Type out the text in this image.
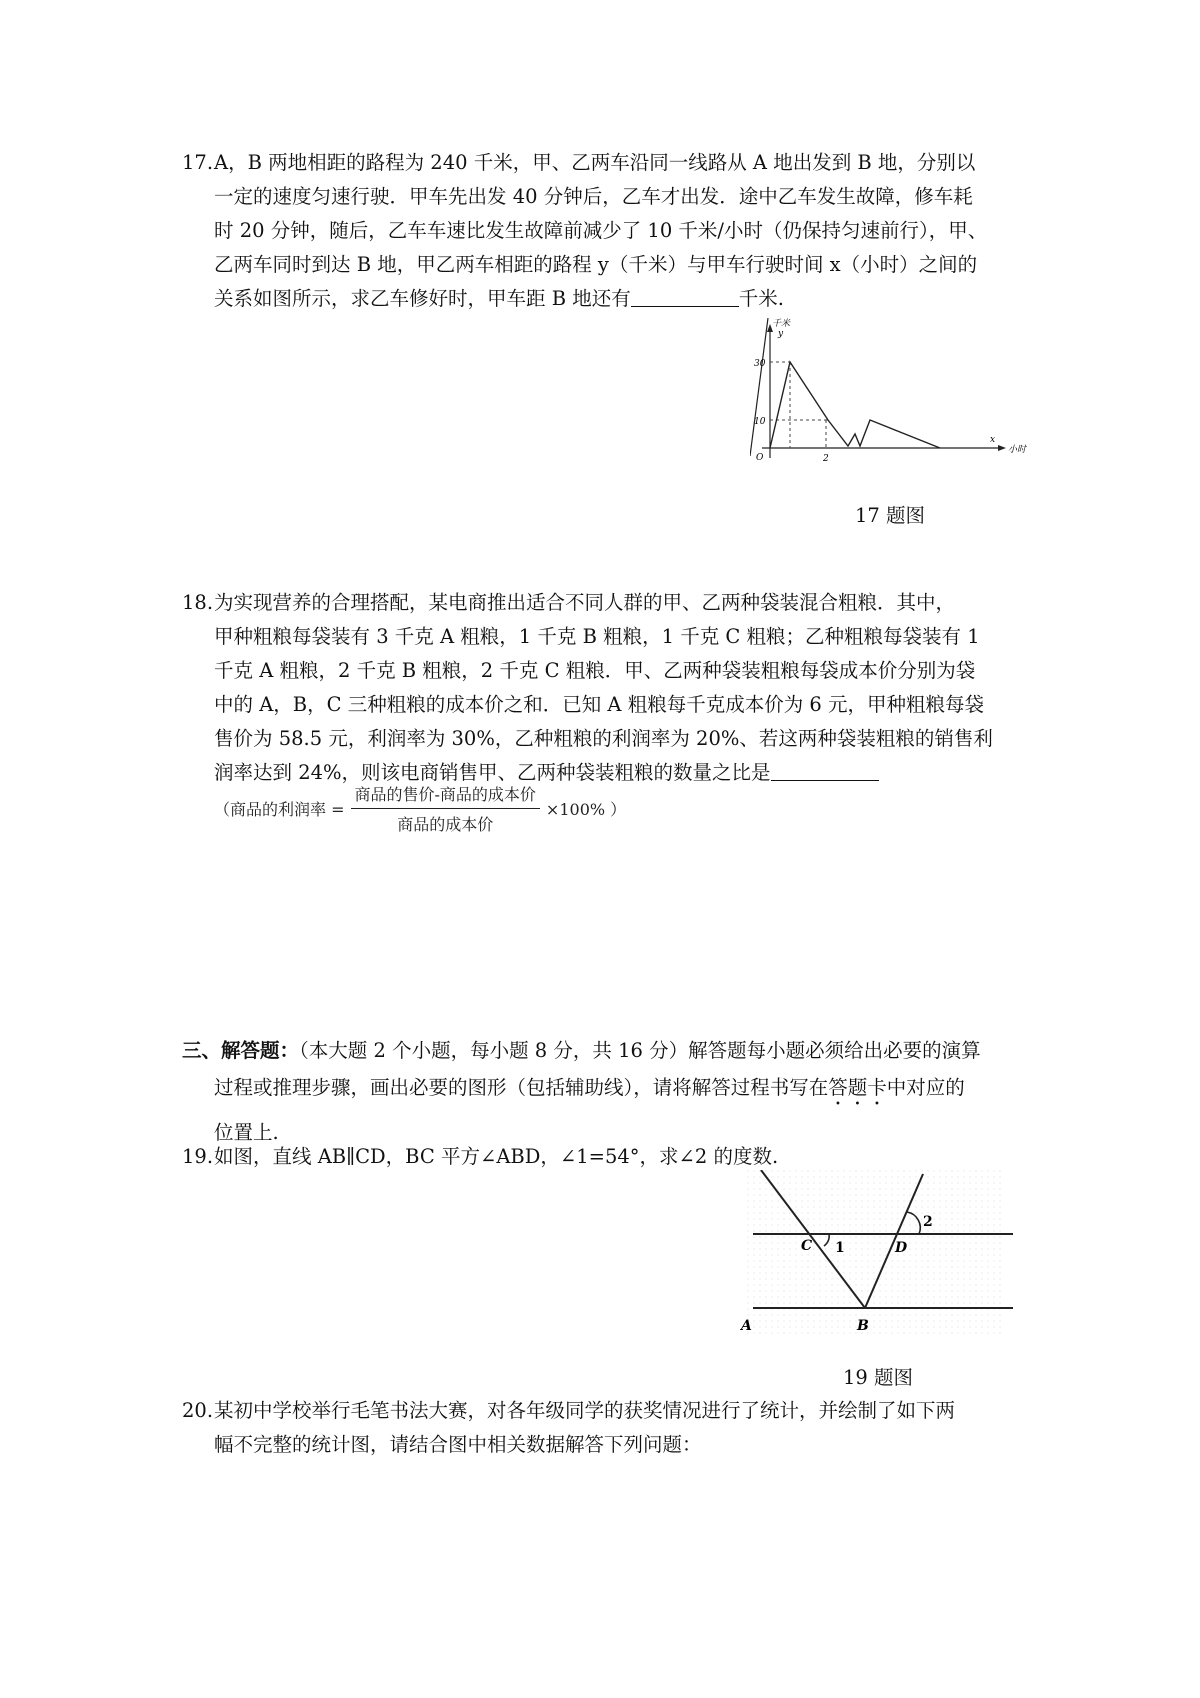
17. A，B 两地相距的路程为 240 千米，甲、乙两车沿同一线路从 A 地出发到 B 地，分别以
一定的速度匀速行驶．甲车先出发 40 分钟后，乙车才出发．途中乙车发生故障，修车耗
时 20 分钟，随后，乙车车速比发生故障前减少了 10 千米/小时（仍保持匀速前行），甲、
乙两车同时到达 B 地，甲乙两车相距的路程 y（千米）与甲车行驶时间 x（小时）之间的
关系如图所示，求乙车修好时，甲车距 B 地还有	千米.
千米
y
30
10
2
O
x
小时
17 题图
18. 为实现营养的合理搭配，某电商推出适合不同人群的甲、乙两种袋装混合粗粮．其中，
甲种粗粮每袋装有 3 千克 A 粗粮，1 千克 B 粗粮，1 千克 C 粗粮；乙种粗粮每袋装有 1
千克 A 粗粮，2 千克 B 粗粮，2 千克 C 粗粮．甲、乙两种袋装粗粮每袋成本价分别为袋
中的 A，B，C 三种粗粮的成本价之和．已知 A 粗粮每千克成本价为 6 元，甲种粗粮每袋
售价为 58.5 元，利润率为 30%，乙种粗粮的利润率为 20%、若这两种袋装粗粮的销售利
润率达到 24%，则该电商销售甲、乙两种袋装粗粮的数量之比是
（商品的利润率 = $\frac{\text{商品的售价-商品的成本价}}{\text{商品的成本价}} \times 100\%$ ）
三、解答题：（本大题 2 个小题，每小题 8 分，共 16 分）解答题每小题必须给出必要的演算
过程或推理步骤，画出必要的图形（包括辅助线），请将解答过程书写在答题卡中对应的
位置上.
19. 如图，直线 AB∥CD，BC 平方∠ABD，∠1=54°，求∠2 的度数.
C 1	D
2
A	B
19 题图
20. 某初中学校举行毛笔书法大赛，对各年级同学的获奖情况进行了统计，并绘制了如下两
幅不完整的统计图，请结合图中相关数据解答下列问题：
